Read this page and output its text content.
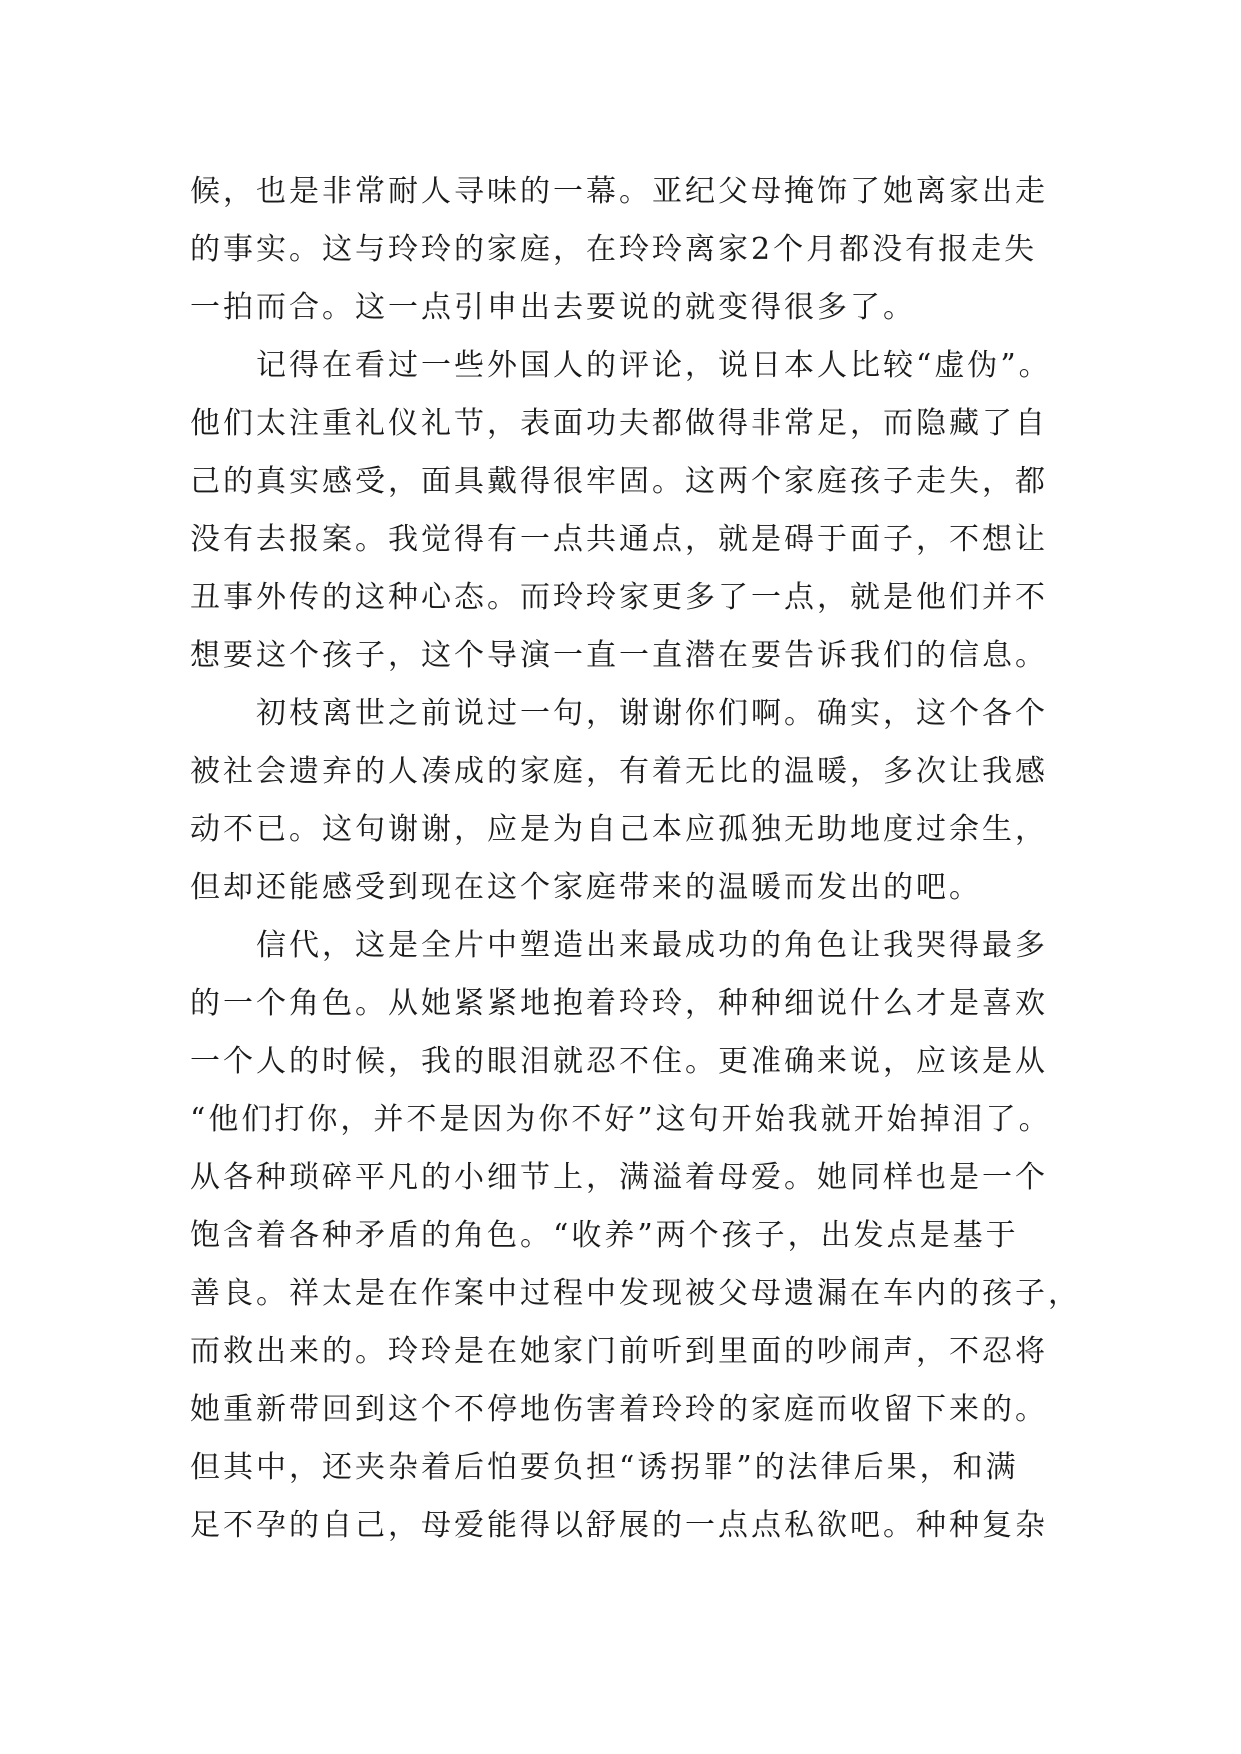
候，也是非常耐人寻味的一幕。亚纪父母掩饰了她离家出走
的事实。这与玲玲的家庭，在玲玲离家2个月都没有报走失
一拍而合。这一点引申出去要说的就变得很多了。
　　记得在看过一些外国人的评论，说日本人比较“虚伪”。
他们太注重礼仪礼节，表面功夫都做得非常足，而隐藏了自
己的真实感受，面具戴得很牢固。这两个家庭孩子走失，都
没有去报案。我觉得有一点共通点，就是碍于面子，不想让
丑事外传的这种心态。而玲玲家更多了一点，就是他们并不
想要这个孩子，这个导演一直一直潜在要告诉我们的信息。
　　初枝离世之前说过一句，谢谢你们啊。确实，这个各个
被社会遗弃的人凑成的家庭，有着无比的温暖，多次让我感
动不已。这句谢谢，应是为自己本应孤独无助地度过余生，
但却还能感受到现在这个家庭带来的温暖而发出的吧。
　　信代，这是全片中塑造出来最成功的角色让我哭得最多
的一个角色。从她紧紧地抱着玲玲，种种细说什么才是喜欢
一个人的时候，我的眼泪就忍不住。更准确来说，应该是从
“他们打你，并不是因为你不好”这句开始我就开始掉泪了。
从各种琐碎平凡的小细节上，满溢着母爱。她同样也是一个
饱含着各种矛盾的角色。“收养”两个孩子，出发点是基于
善良。祥太是在作案中过程中发现被父母遗漏在车内的孩子，
而救出来的。玲玲是在她家门前听到里面的吵闹声，不忍将
她重新带回到这个不停地伤害着玲玲的家庭而收留下来的。
但其中，还夹杂着后怕要负担“诱拐罪”的法律后果，和满
足不孕的自己，母爱能得以舒展的一点点私欲吧。种种复杂
